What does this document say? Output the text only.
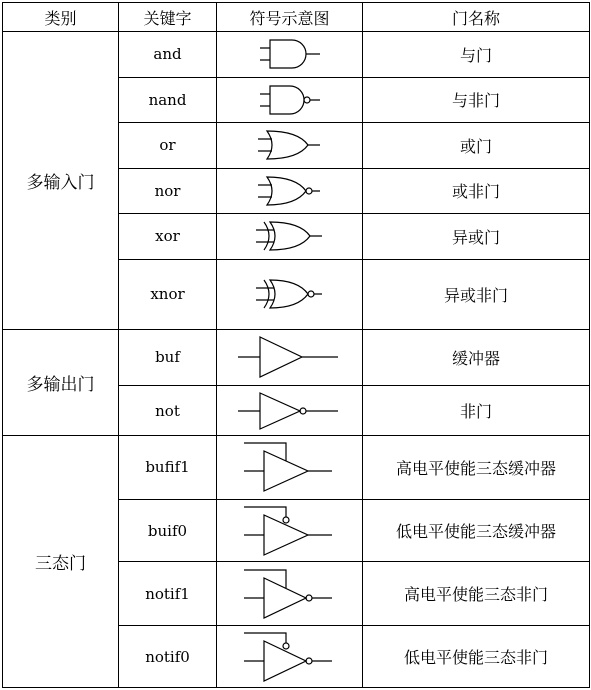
类别	关键字	符号示意图	门名称
多输入门	and		与门
	nand		与非门
	or		或门
	nor		或非门
	xor		异或门
	xnor		异或非门
多输出门	buf		缓冲器
	not		非门
三态门	bufif1		高电平使能三态缓冲器
	buif0		低电平使能三态缓冲器
	notif1		高电平使能三态非门
	notif0		低电平使能三态非门
